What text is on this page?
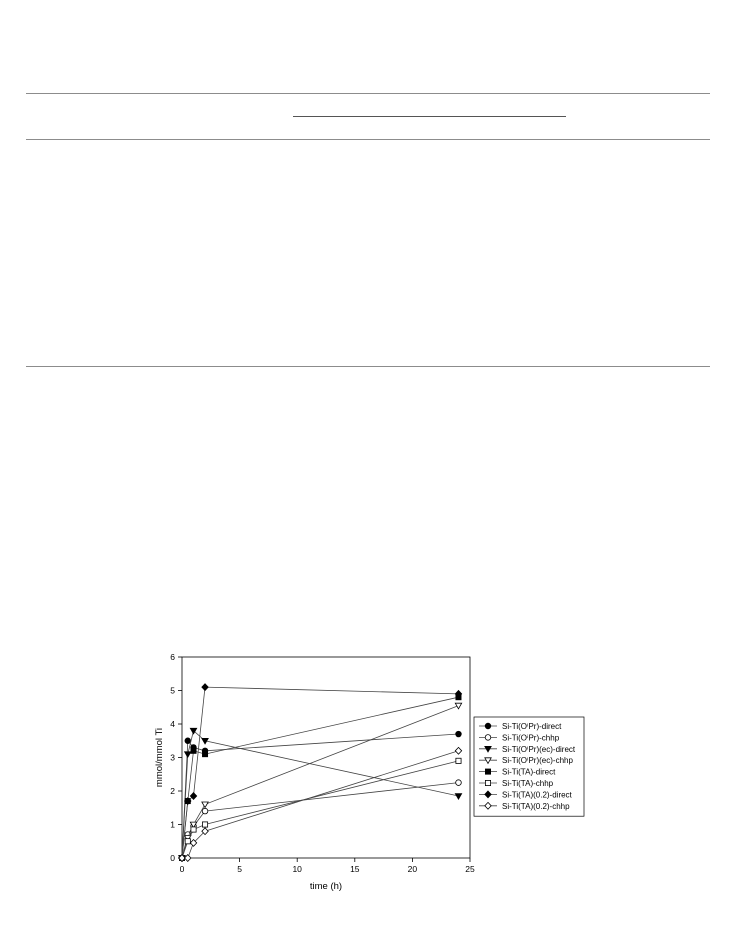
0	5	10	15	20	25
0
1
2
3
4
5
6
time (h)
mmol/mmol Ti
Si-Ti(OⁱPr)-direct
Si-Ti(OⁱPr)-chhp
Si-Ti(OⁱPr)(ec)-direct
Si-Ti(OⁱPr)(ec)-chhp
Si-Ti(TA)-direct
Si-Ti(TA)-chhp
Si-Ti(TA)(0.2)-direct
Si-Ti(TA)(0.2)-chhp
